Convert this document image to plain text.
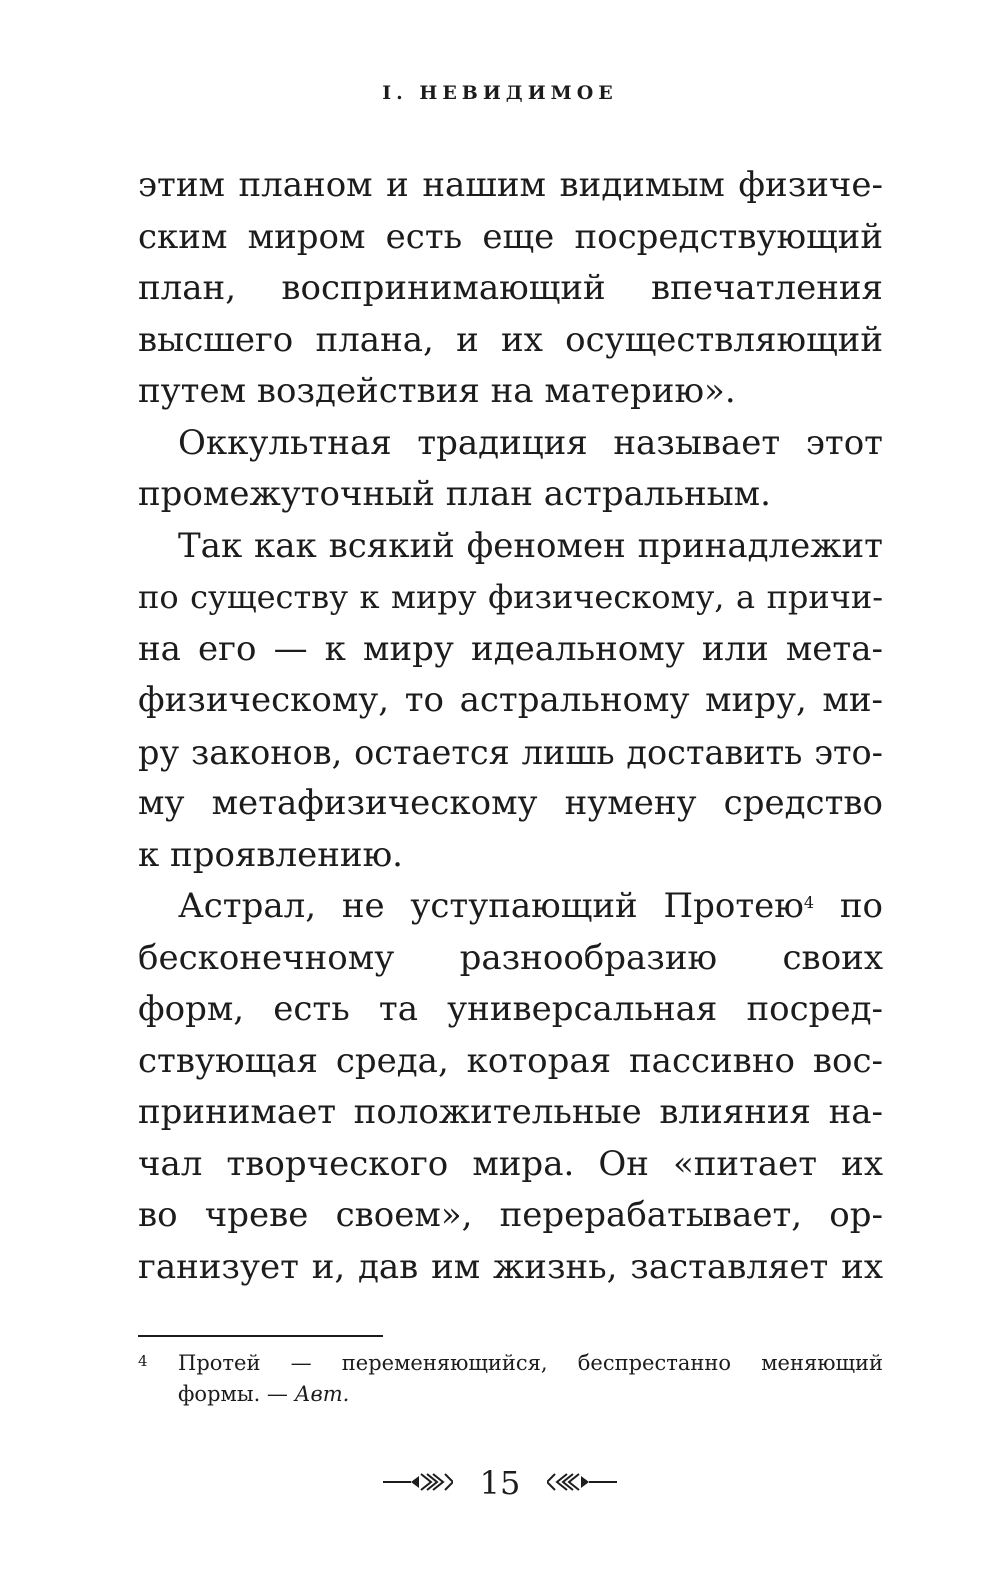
I. НЕВИДИМОЕ
этим планом и нашим видимым физиче-
ским миром есть еще посредствующий
план, воспринимающий впечатления
высшего плана, и их осуществляющий
путем воздействия на материю».
Оккультная традиция называет этот
промежуточный план астральным.
Так как всякий феномен принадлежит
по существу к миру физическому, а причи-
на его — к миру идеальному или мета-
физическому, то астральному миру, ми-
ру законов, остается лишь доставить это-
му метафизическому нумену средство
к проявлению.
Астрал, не уступающий Протею$^4$ по
бесконечному разнообразию своих
форм, есть та универсальная посред-
ствующая среда, которая пассивно вос-
принимает положительные влияния на-
чал творческого мира. Он «питает их
во чреве своем», перерабатывает, ор-
ганизует и, дав им жизнь, заставляет их
4 Протей — переменяющийся, беспрестанно меняющий
формы. — Авт.
15
